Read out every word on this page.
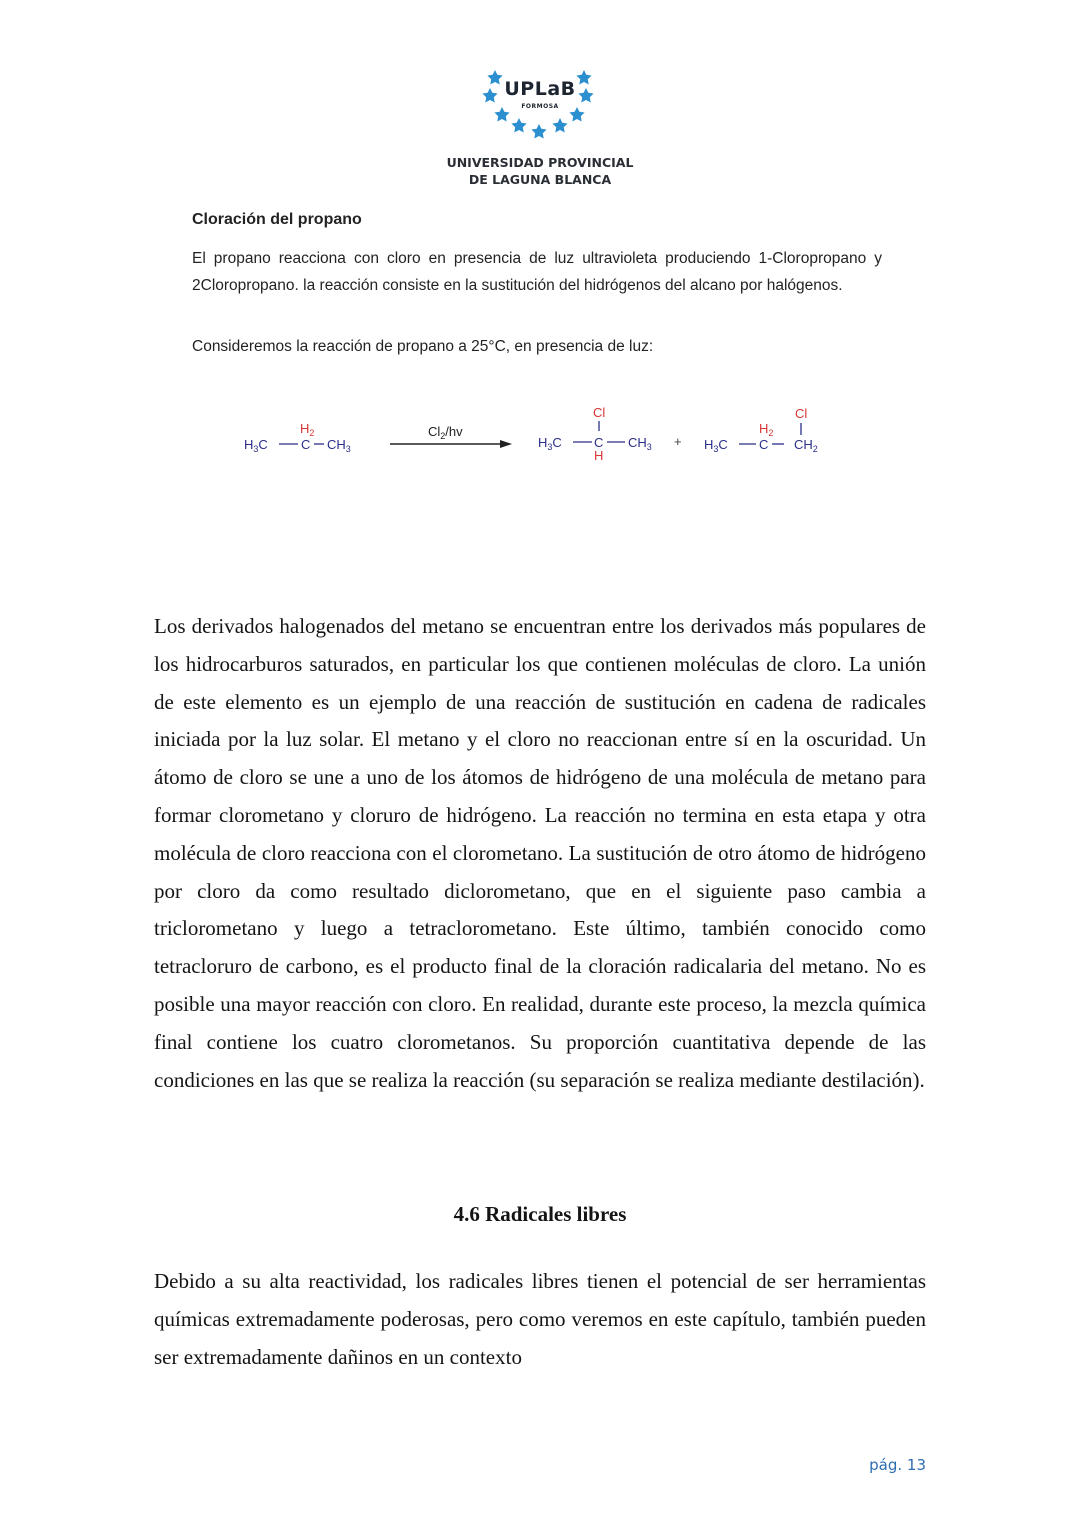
UPLaB
FORMOSA
UNIVERSIDAD PROVINCIAL
DE LAGUNA BLANCA
Cloración del propano
El propano reacciona con cloro en presencia de luz ultravioleta produciendo 1-Cloropropano y 2Cloropropano. la reacción consiste en la sustitución del hidrógenos del alcano por halógenos.
Consideremos la reacción de propano a 25°C, en presencia de luz:
$H_3C$	C
$H_2$
$CH_3$
$Cl_2/hv$
$H_3C$ C
Cl
H
$CH_3 + H_3C$ C
$H_2$
$CH_2$
Cl
Los derivados halogenados del metano se encuentran entre los derivados más populares de los hidrocarburos saturados, en particular los que contienen moléculas de cloro. La unión de este elemento es un ejemplo de una reacción de sustitución en cadena de radicales iniciada por la luz solar. El metano y el cloro no reaccionan entre sí en la oscuridad. Un átomo de cloro se une a uno de los átomos de hidrógeno de una molécula de metano para formar clorometano y cloruro de hidrógeno. La reacción no termina en esta etapa y otra molécula de cloro reacciona con el clorometano. La sustitución de otro átomo de hidrógeno por cloro da como resultado diclorometano, que en el siguiente paso cambia a triclorometano y luego a tetraclorometano. Este último, también conocido como tetracloruro de carbono, es el producto final de la cloración radicalaria del metano. No es posible una mayor reacción con cloro. En realidad, durante este proceso, la mezcla química final contiene los cuatro clorometanos. Su proporción cuantitativa depende de las condiciones en las que se realiza la reacción (su separación se realiza mediante destilación).
4.6 Radicales libres
Debido a su alta reactividad, los radicales libres tienen el potencial de ser herramientas químicas extremadamente poderosas, pero como veremos en este capítulo, también pueden ser extremadamente dañinos en un contexto
pág. 13
